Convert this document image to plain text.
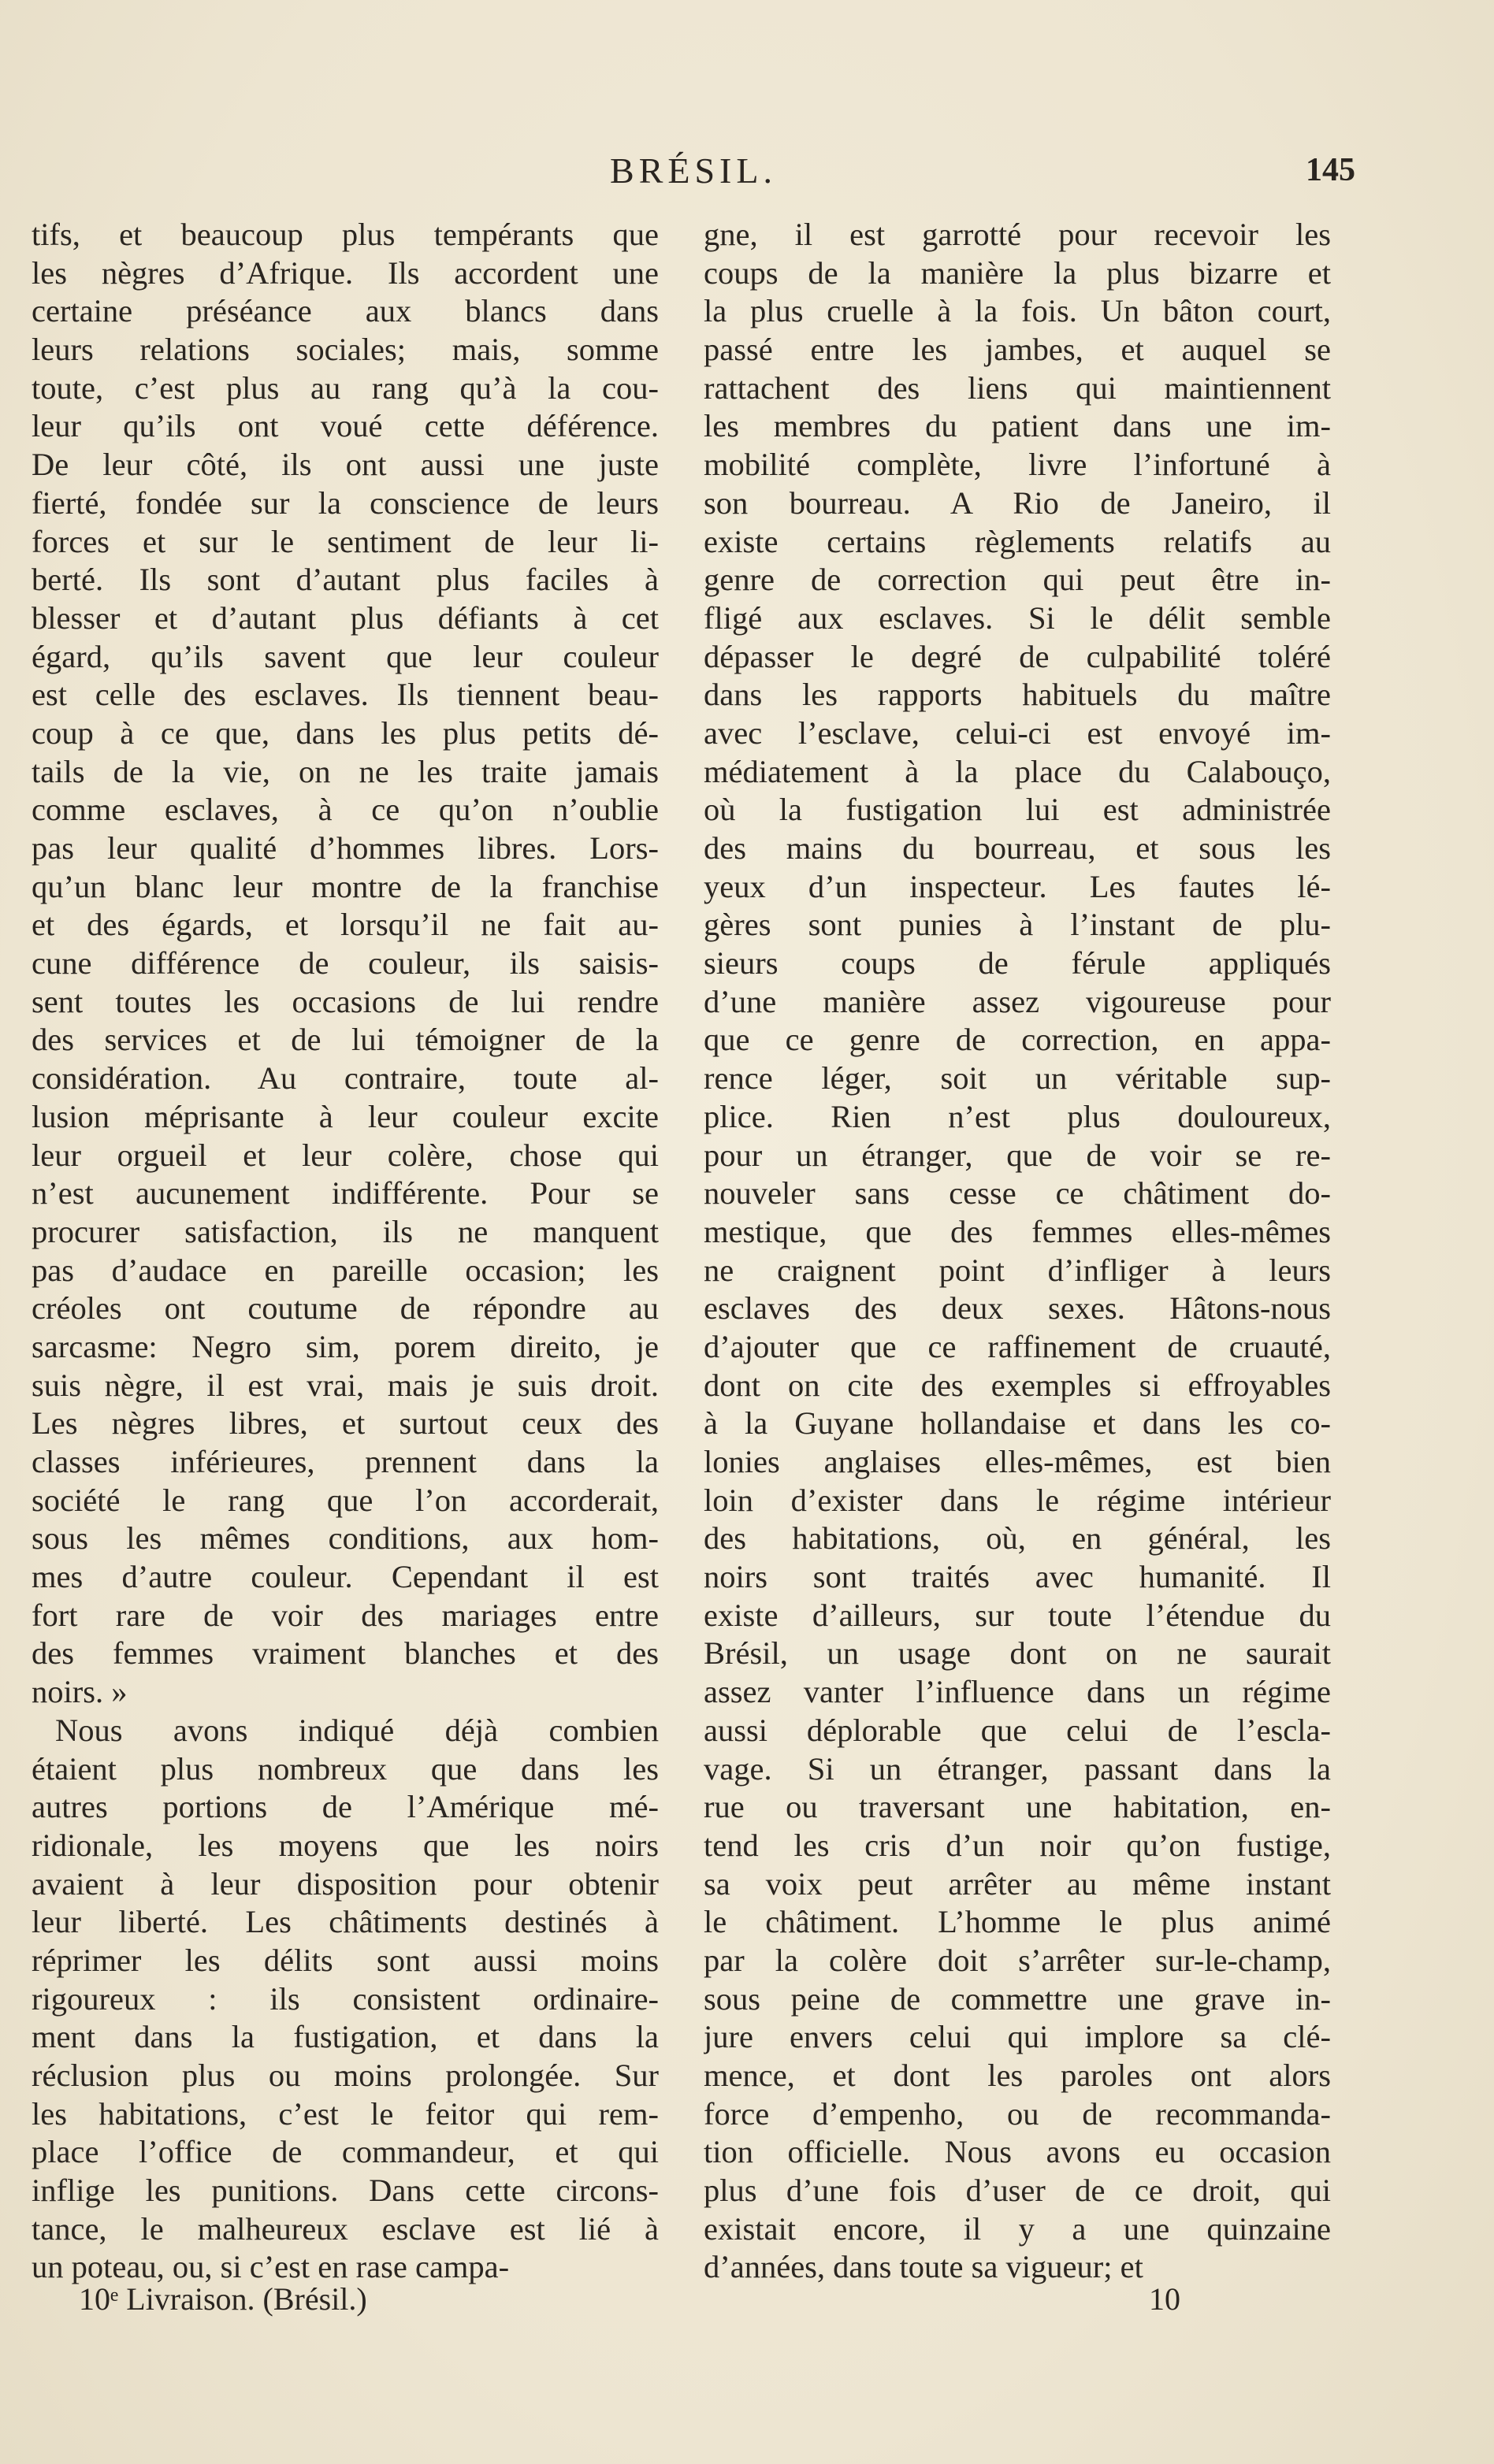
BRÉSIL.	145
tifs, et beaucoup plus tempérants que
les nègres d’Afrique. Ils accordent une
certaine préséance aux blancs dans
leurs relations sociales; mais, somme
toute, c’est plus au rang qu’à la cou-
leur qu’ils ont voué cette déférence.
De leur côté, ils ont aussi une juste
fierté, fondée sur la conscience de leurs
forces et sur le sentiment de leur li-
berté. Ils sont d’autant plus faciles à
blesser et d’autant plus défiants à cet
égard, qu’ils savent que leur couleur
est celle des esclaves. Ils tiennent beau-
coup à ce que, dans les plus petits dé-
tails de la vie, on ne les traite jamais
comme esclaves, à ce qu’on n’oublie
pas leur qualité d’hommes libres. Lors-
qu’un blanc leur montre de la franchise
et des égards, et lorsqu’il ne fait au-
cune différence de couleur, ils saisis-
sent toutes les occasions de lui rendre
des services et de lui témoigner de la
considération. Au contraire, toute al-
lusion méprisante à leur couleur excite
leur orgueil et leur colère, chose qui
n’est aucunement indifférente. Pour se
procurer satisfaction, ils ne manquent
pas d’audace en pareille occasion; les
créoles ont coutume de répondre au
sarcasme: Negro sim, porem direito, je
suis nègre, il est vrai, mais je suis droit.
Les nègres libres, et surtout ceux des
classes inférieures, prennent dans la
société le rang que l’on accorderait,
sous les mêmes conditions, aux hom-
mes d’autre couleur. Cependant il est
fort rare de voir des mariages entre
des femmes vraiment blanches et des
noirs. »
Nous avons indiqué déjà combien
étaient plus nombreux que dans les
autres portions de l’Amérique mé-
ridionale, les moyens que les noirs
avaient à leur disposition pour obtenir
leur liberté. Les châtiments destinés à
réprimer les délits sont aussi moins
rigoureux : ils consistent ordinaire-
ment dans la fustigation, et dans la
réclusion plus ou moins prolongée. Sur
les habitations, c’est le feitor qui rem-
place l’office de commandeur, et qui
inflige les punitions. Dans cette circons-
tance, le malheureux esclave est lié à
un poteau, ou, si c’est en rase campa-
gne, il est garrotté pour recevoir les
coups de la manière la plus bizarre et
la plus cruelle à la fois. Un bâton court,
passé entre les jambes, et auquel se
rattachent des liens qui maintiennent
les membres du patient dans une im-
mobilité complète, livre l’infortuné à
son bourreau. A Rio de Janeiro, il
existe certains règlements relatifs au
genre de correction qui peut être in-
fligé aux esclaves. Si le délit semble
dépasser le degré de culpabilité toléré
dans les rapports habituels du maître
avec l’esclave, celui-ci est envoyé im-
médiatement à la place du Calabouço,
où la fustigation lui est administrée
des mains du bourreau, et sous les
yeux d’un inspecteur. Les fautes lé-
gères sont punies à l’instant de plu-
sieurs coups de férule appliqués
d’une manière assez vigoureuse pour
que ce genre de correction, en appa-
rence léger, soit un véritable sup-
plice. Rien n’est plus douloureux,
pour un étranger, que de voir se re-
nouveler sans cesse ce châtiment do-
mestique, que des femmes elles-mêmes
ne craignent point d’infliger à leurs
esclaves des deux sexes. Hâtons-nous
d’ajouter que ce raffinement de cruauté,
dont on cite des exemples si effroyables
à la Guyane hollandaise et dans les co-
lonies anglaises elles-mêmes, est bien
loin d’exister dans le régime intérieur
des habitations, où, en général, les
noirs sont traités avec humanité. Il
existe d’ailleurs, sur toute l’étendue du
Brésil, un usage dont on ne saurait
assez vanter l’influence dans un régime
aussi déplorable que celui de l’escla-
vage. Si un étranger, passant dans la
rue ou traversant une habitation, en-
tend les cris d’un noir qu’on fustige,
sa voix peut arrêter au même instant
le châtiment. L’homme le plus animé
par la colère doit s’arrêter sur-le-champ,
sous peine de commettre une grave in-
jure envers celui qui implore sa clé-
mence, et dont les paroles ont alors
force d’empenho, ou de recommanda-
tion officielle. Nous avons eu occasion
plus d’une fois d’user de ce droit, qui
existait encore, il y a une quinzaine
d’années, dans toute sa vigueur; et
10ᵉ Livraison. (Brésil.)	10
